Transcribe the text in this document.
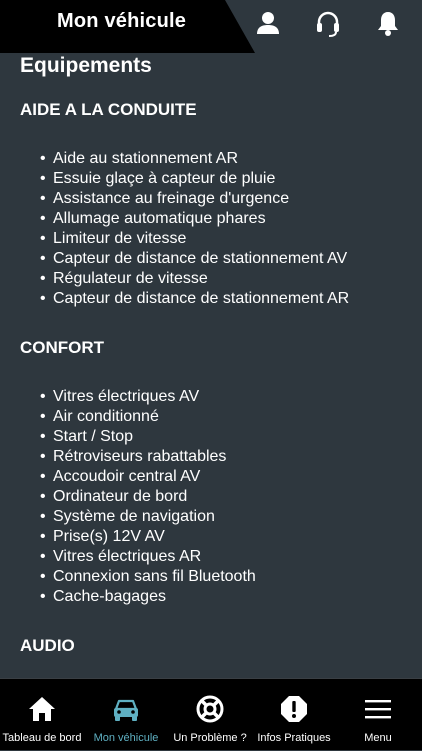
Mon véhicule
Equipements
AIDE A LA CONDUITE
• Aide au stationnement AR
• Essuie glaçe à capteur de pluie
• Assistance au freinage d'urgence
• Allumage automatique phares
• Limiteur de vitesse
• Capteur de distance de stationnement AV
• Régulateur de vitesse
• Capteur de distance de stationnement AR
CONFORT
• Vitres électriques AV
• Air conditionné
• Start / Stop
• Rétroviseurs rabattables
• Accoudoir central AV
• Ordinateur de bord
• Système de navigation
• Prise(s) 12V AV
• Vitres électriques AR
• Connexion sans fil Bluetooth
• Cache-bagages
AUDIO
Tableau de bord	Mon véhicule	Un Problème ? Infos Pratiques	Menu
